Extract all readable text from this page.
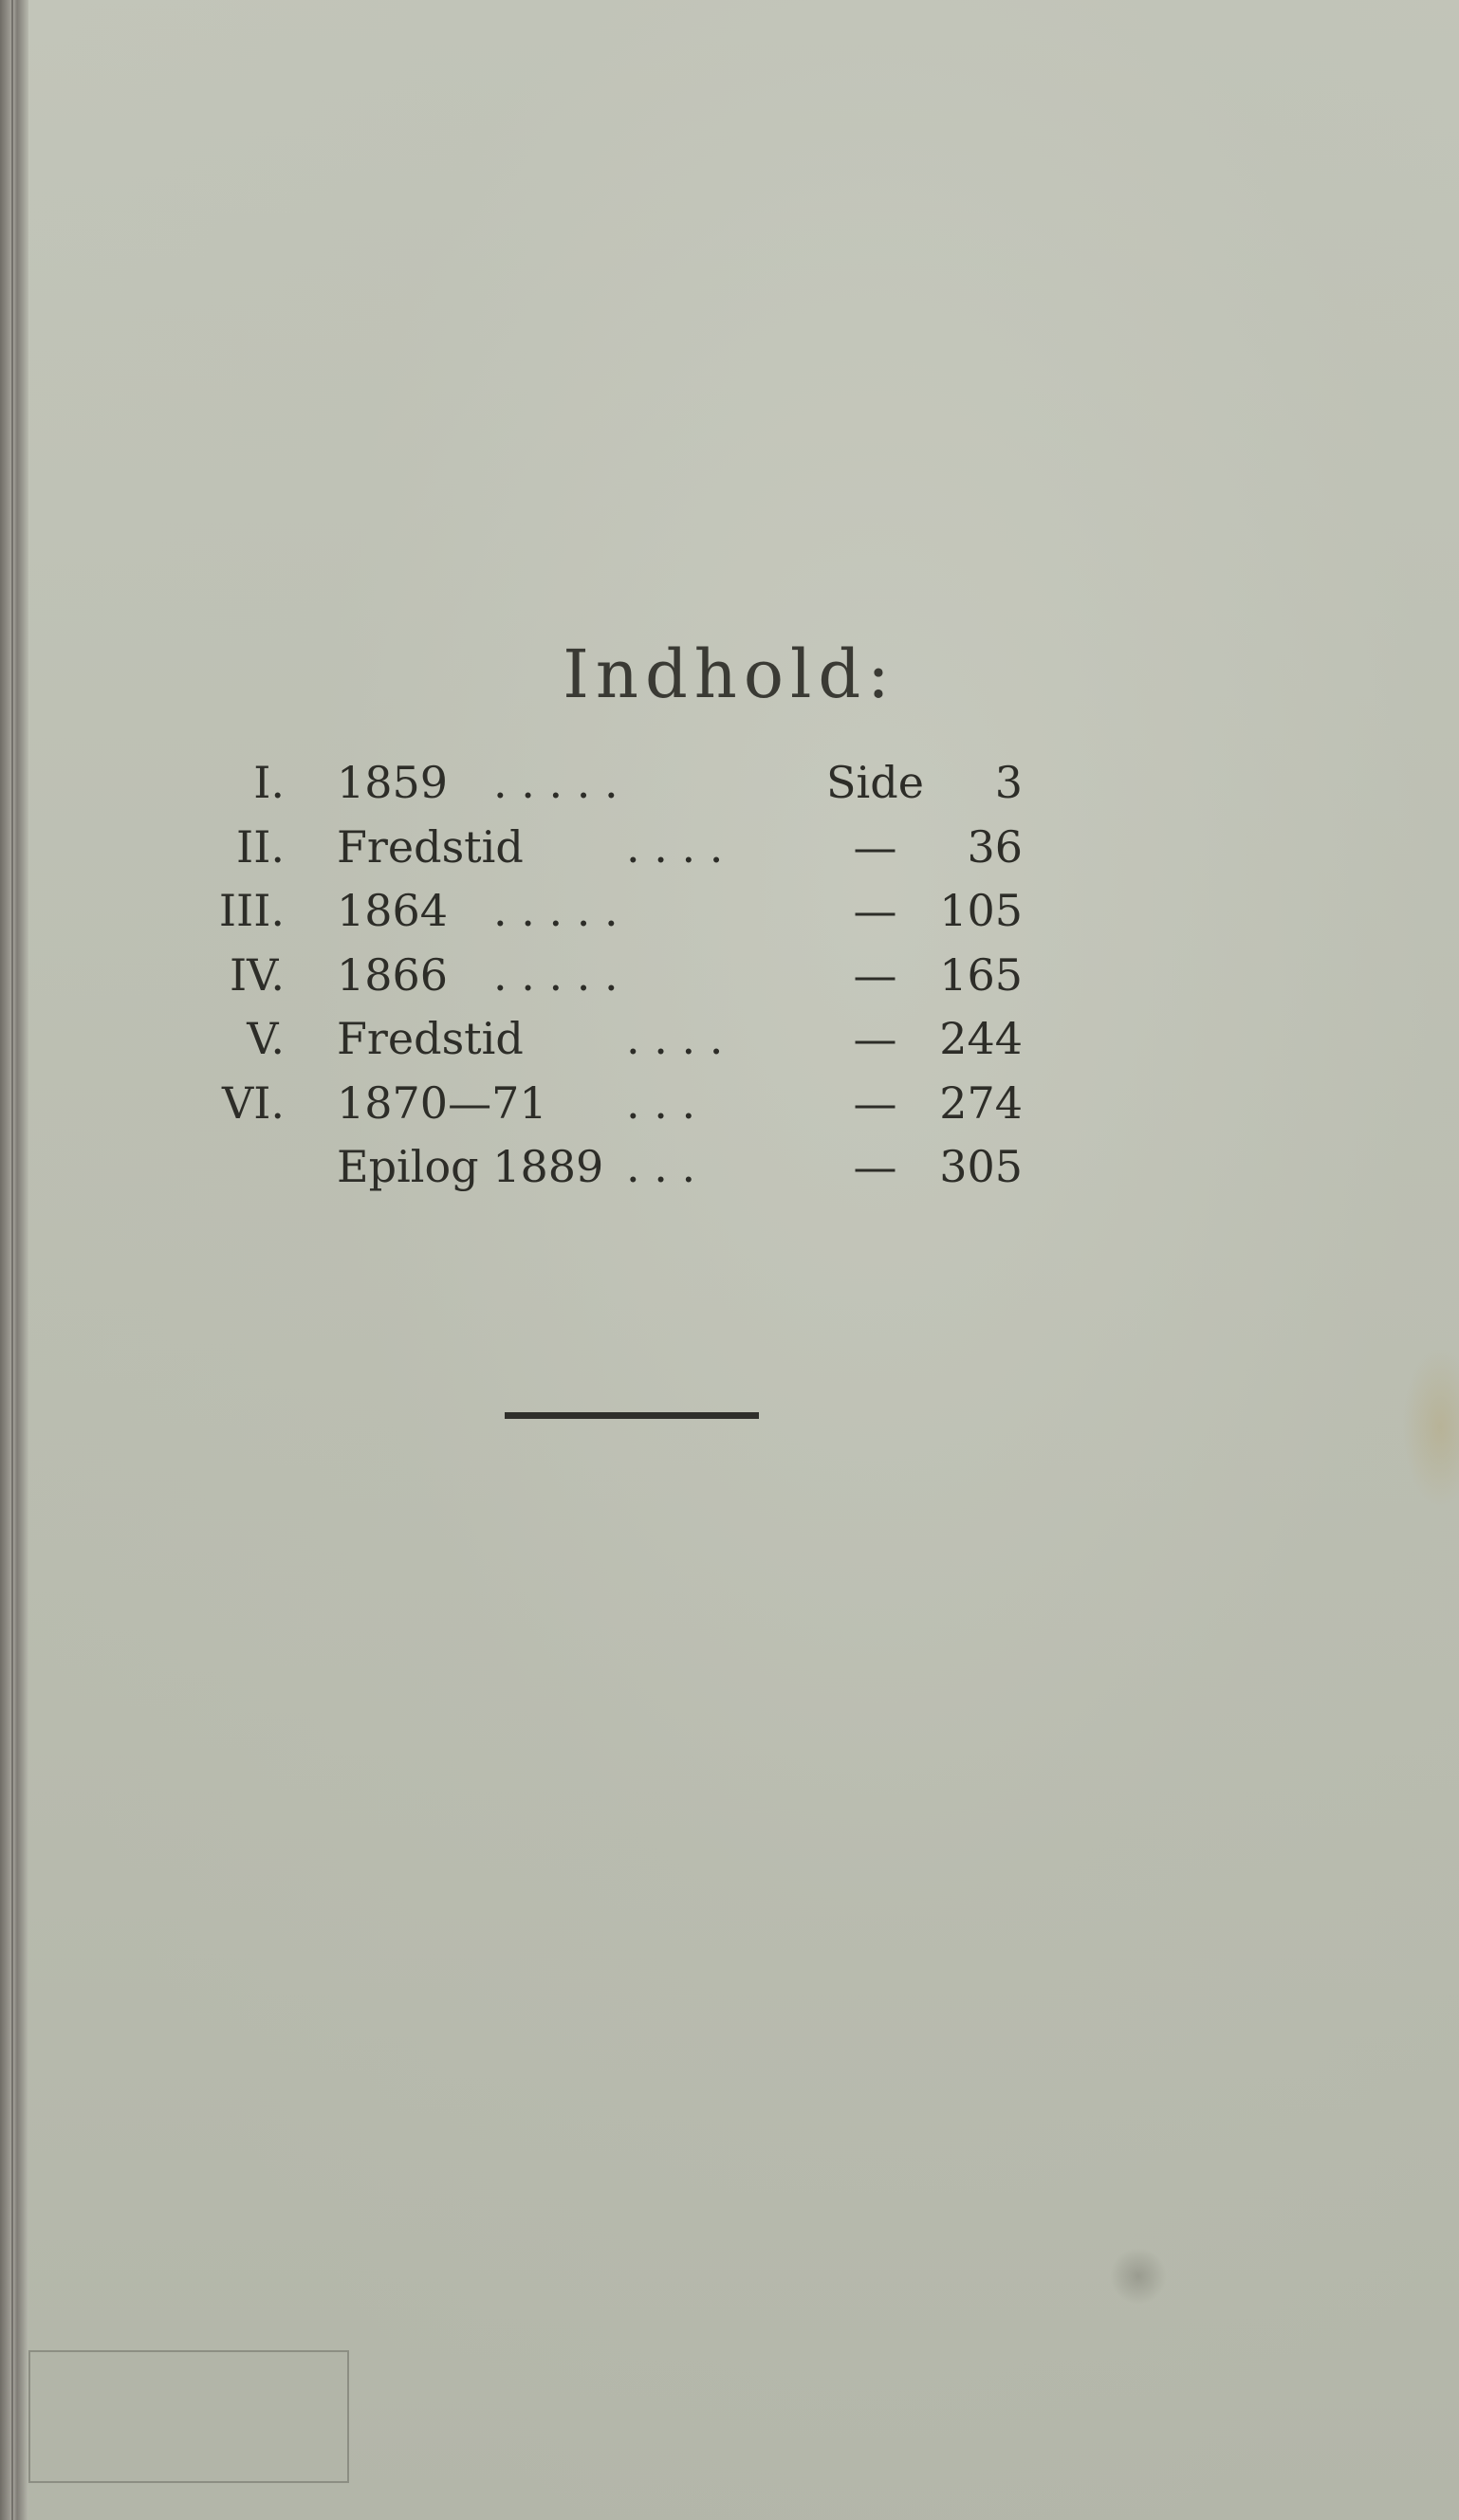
Indhold:
I. 1859 . . . . .	Side 3
II. Fredstid . . . .	—	36
III. 1864 . . . . .	— 105
IV. 1866 . . . . .	— 165
V. Fredstid . . . .	— 244
VI. 1870—71 . . .	— 274
Epilog 1889 . . .	— 305
